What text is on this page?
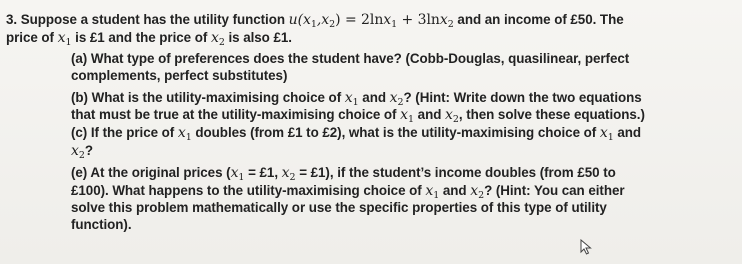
3. Suppose a student has the utility function $u(x_1,x_2) = 2\ln x_1 + 3\ln x_2$ and an income of £50. The
price of $x_1$ is £1 and the price of $x_2$ is also £1.
(a) What type of preferences does the student have? (Cobb-Douglas, quasilinear, perfect
complements, perfect substitutes)
(b) What is the utility-maximising choice of $x_1$ and $x_2$? (Hint: Write down the two equations
that must be true at the utility-maximising choice of $x_1$ and $x_2$, then solve these equations.)
(c) If the price of $x_1$ doubles (from £1 to £2), what is the utility-maximising choice of $x_1$ and
$x_2$?
(e) At the original prices ($x_1$ = £1, $x_2$ = £1), if the student’s income doubles (from £50 to
£100). What happens to the utility-maximising choice of $x_1$ and $x_2$? (Hint: You can either
solve this problem mathematically or use the specific properties of this type of utility
function).
